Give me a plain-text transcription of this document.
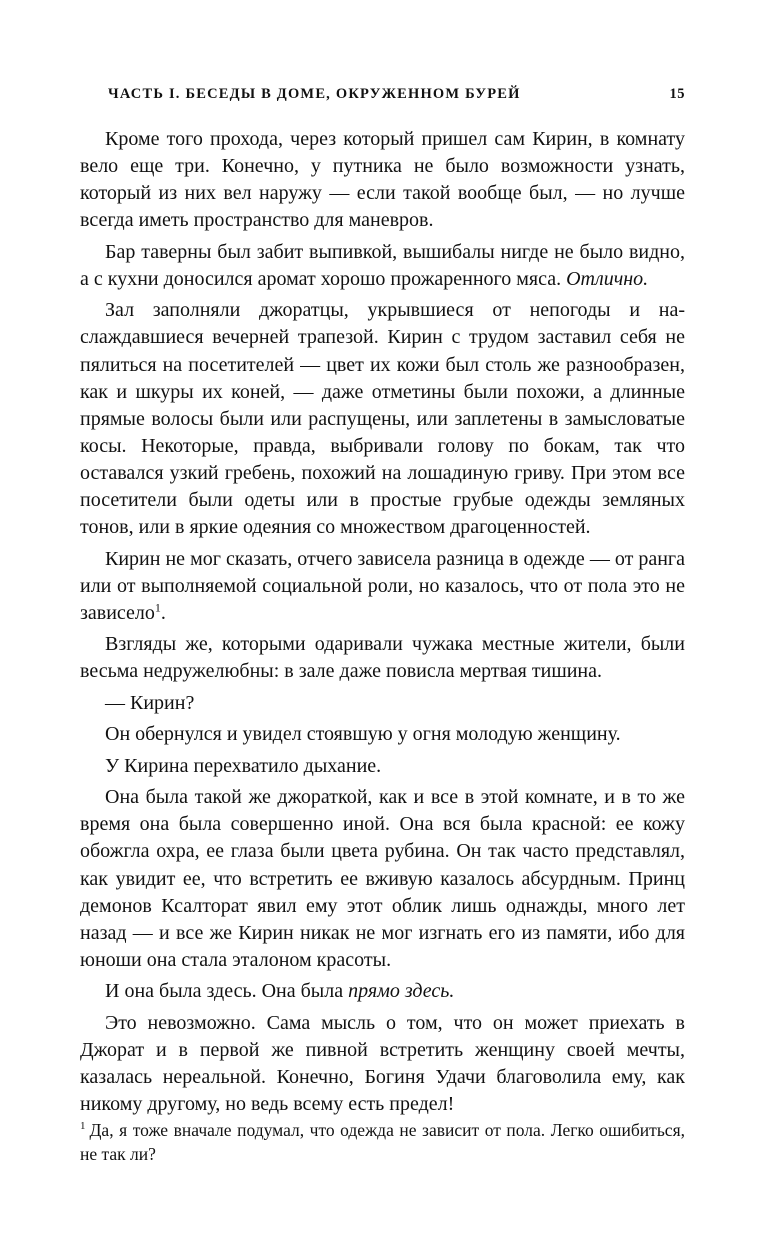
ЧАСТЬ I. БЕСЕДЫ В ДОМЕ, ОКРУЖЕННОМ БУРЕЙ	15

Кроме того прохода, через который пришел сам Кирин, в комнату вело еще три. Конечно, у путника не было возможности узнать, который из них вел наружу — если такой вообще был, — но лучше всегда иметь пространство для маневров.

Бар таверны был забит выпивкой, вышибалы нигде не было видно, а с кухни доносился аромат хорошо прожаренного мяса. Отлично.

Зал заполняли джоратцы, укрывшиеся от непогоды и наслаждавшиеся вечерней трапезой. Кирин с трудом заставил себя не пялиться на посетителей — цвет их кожи был столь же разнообразен, как и шкуры их коней, — даже отметины были похожи, а длинные прямые волосы были или распущены, или заплетены в замысловатые косы. Некоторые, правда, выбривали голову по бокам, так что оставался узкий гребень, похожий на лошадиную гриву. При этом все посетители были одеты или в простые грубые одежды земляных тонов, или в яркие одеяния со множеством драгоценностей.

Кирин не мог сказать, отчего зависела разница в одежде — от ранга или от выполняемой социальной роли, но казалось, что от пола это не зависело$^1$.

Взгляды же, которыми одаривали чужака местные жители, были весьма недружелюбны: в зале даже повисла мертвая тишина.

— Кирин?

Он обернулся и увидел стоявшую у огня молодую женщину.

У Кирина перехватило дыхание.

Она была такой же джораткой, как и все в этой комнате, и в то же время она была совершенно иной. Она вся была красной: ее кожу обожгла охра, ее глаза были цвета рубина. Он так часто представлял, как увидит ее, что встретить ее вживую казалось абсурдным. Принц демонов Ксалторат явил ему этот облик лишь однажды, много лет назад — и все же Кирин никак не мог изгнать его из памяти, ибо для юноши она стала эталоном красоты.

И она была здесь. Она была прямо здесь.

Это невозможно. Сама мысль о том, что он может приехать в Джорат и в первой же пивной встретить женщину своей мечты, казалась нереальной. Конечно, Богиня Удачи благоволила ему, как никому другому, но ведь всему есть предел!

$^1$ Да, я тоже вначале подумал, что одежда не зависит от пола. Легко ошибиться, не так ли?
